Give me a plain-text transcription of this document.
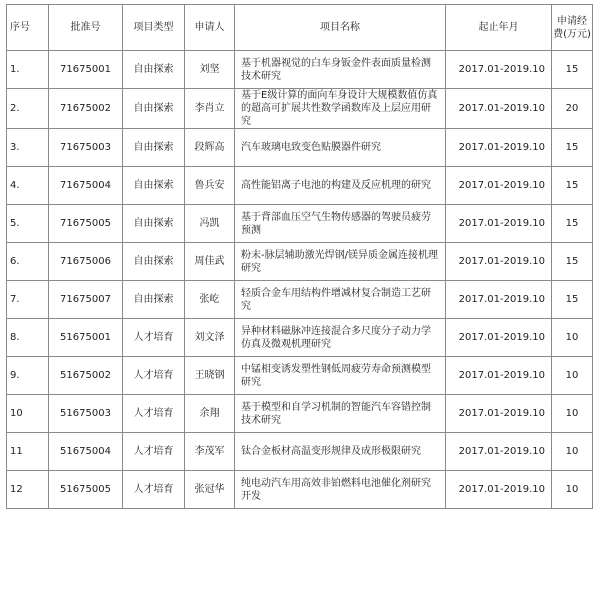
序号	批准号	项目类型	申请人	项目名称	起止年月	申请经费(万元)
1.	71675001	自由探索	刘坚	基于机器视觉的白车身钣金件表面质量检测技术研究	2017.01-2019.10	15
2.	71675002	自由探索	李肖立	基于E级计算的面向车身设计大规模数值仿真的超高可扩展共性数学函数库及上层应用研究	2017.01-2019.10	20
3.	71675003	自由探索	段辉高	汽车玻璃电致变色贴膜器件研究	2017.01-2019.10	15
4.	71675004	自由探索	鲁兵安	高性能铝离子电池的构建及反应机理的研究	2017.01-2019.10	15
5.	71675005	自由探索	冯凯	基于背部血压空气生物传感器的驾驶员疲劳预测	2017.01-2019.10	15
6.	71675006	自由探索	周佳武	粉末-脉层辅助激光焊钢/镁异质金属连接机理研究	2017.01-2019.10	15
7.	71675007	自由探索	张屹	轻质合金车用结构件增减材复合制造工艺研究	2017.01-2019.10	15
8.	51675001	人才培育	刘文泽	异种材料磁脉冲连接混合多尺度分子动力学仿真及微观机理研究	2017.01-2019.10	10
9.	51675002	人才培育	王晓钢	中锰相变诱发塑性钢低周疲劳寿命预测模型研究	2017.01-2019.10	10
10	51675003	人才培育	余翔	基于模型和自学习机制的智能汽车容错控制技术研究	2017.01-2019.10	10
11	51675004	人才培育	李茂军	钛合金板材高温变形规律及成形极限研究	2017.01-2019.10	10
12	51675005	人才培育	张冠华	纯电动汽车用高效非铂燃料电池催化剂研究开发	2017.01-2019.10	10
